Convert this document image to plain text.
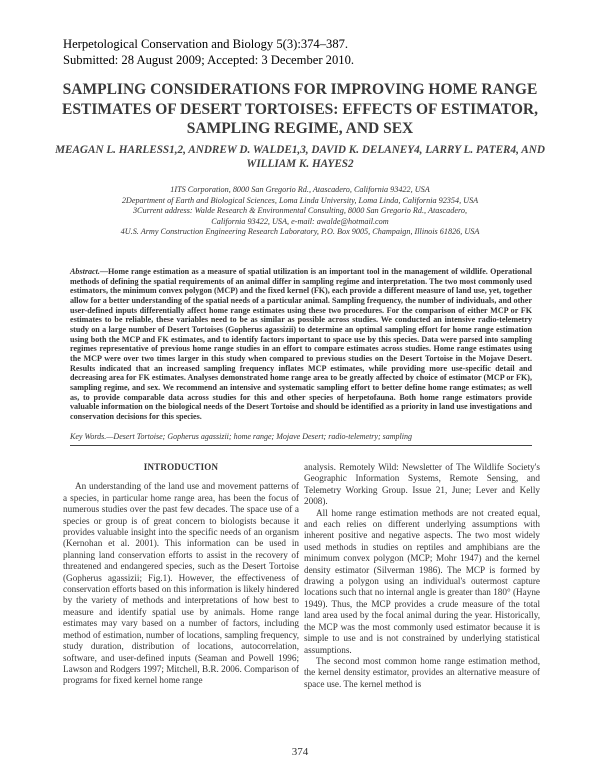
Herpetological Conservation and Biology 5(3):374–387.
Submitted: 28 August 2009; Accepted: 3 December 2010.
SAMPLING CONSIDERATIONS FOR IMPROVING HOME RANGE
ESTIMATES OF DESERT TORTOISES: EFFECTS OF ESTIMATOR,
SAMPLING REGIME, AND SEX
MEAGAN L. HARLESS1,2, ANDREW D. WALDE1,3, DAVID K. DELANEY4, LARRY L. PATER4, AND
WILLIAM K. HAYES2
1ITS Corporation, 8000 San Gregorio Rd., Atascadero, California 93422, USA
2Department of Earth and Biological Sciences, Loma Linda University, Loma Linda, California 92354, USA
3Current address: Walde Research & Environmental Consulting, 8000 San Gregorio Rd., Atascadero,
California 93422, USA, e-mail: awalde@hotmail.com
4U.S. Army Construction Engineering Research Laboratory, P.O. Box 9005, Champaign, Illinois 61826, USA
Abstract.—Home range estimation as a measure of spatial utilization is an important tool in the management of wildlife. Operational methods of defining the spatial requirements of an animal differ in sampling regime and interpretation. The two most commonly used estimators, the minimum convex polygon (MCP) and the fixed kernel (FK), each provide a different measure of land use, yet, together allow for a better understanding of the spatial needs of a particular animal. Sampling frequency, the number of individuals, and other user-defined inputs differentially affect home range estimates using these two procedures. For the comparison of either MCP or FK estimates to be reliable, these variables need to be as similar as possible across studies. We conducted an intensive radio-telemetry study on a large number of Desert Tortoises (Gopherus agassizii) to determine an optimal sampling effort for home range estimation using both the MCP and FK estimates, and to identify factors important to space use by this species. Data were parsed into sampling regimes representative of previous home range studies in an effort to compare estimates across studies. Home range estimates using the MCP were over two times larger in this study when compared to previous studies on the Desert Tortoise in the Mojave Desert. Results indicated that an increased sampling frequency inflates MCP estimates, while providing more use-specific detail and decreasing area for FK estimates. Analyses demonstrated home range area to be greatly affected by choice of estimator (MCP or FK), sampling regime, and sex. We recommend an intensive and systematic sampling effort to better define home range estimates; as well as, to provide comparable data across studies for this and other species of herpetofauna. Both home range estimators provide valuable information on the biological needs of the Desert Tortoise and should be identified as a priority in land use investigations and conservation decisions for this species.
Key Words.—Desert Tortoise; Gopherus agassizii; home range; Mojave Desert; radio-telemetry; sampling
INTRODUCTION

An understanding of the land use and movement patterns of a species, in particular home range area, has been the focus of numerous studies over the past few decades. The space use of a species or group is of great concern to biologists because it provides valuable insight into the specific needs of an organism (Kernohan et al. 2001). This information can be used in planning land conservation efforts to assist in the recovery of threatened and endangered species, such as the Desert Tortoise (Gopherus agassizii; Fig.1). However, the effectiveness of conservation efforts based on this information is likely hindered by the variety of methods and interpretations of how best to measure and identify spatial use by animals. Home range estimates may vary based on a number of factors, including method of estimation, number of locations, sampling frequency, study duration, distribution of locations, autocorrelation, software, and user-defined inputs (Seaman and Powell 1996; Lawson and Rodgers 1997; Mitchell, B.R. 2006. Comparison of programs for fixed kernel home range

analysis. Remotely Wild: Newsletter of The Wildlife Society's Geographic Information Systems, Remote Sensing, and Telemetry Working Group. Issue 21, June; Lever and Kelly 2008).

All home range estimation methods are not created equal, and each relies on different underlying assumptions with inherent positive and negative aspects. The two most widely used methods in studies on reptiles and amphibians are the minimum convex polygon (MCP; Mohr 1947) and the kernel density estimator (Silverman 1986). The MCP is formed by drawing a polygon using an individual's outermost capture locations such that no internal angle is greater than 180° (Hayne 1949). Thus, the MCP provides a crude measure of the total land area used by the focal animal during the year. Historically, the MCP was the most commonly used estimator because it is simple to use and is not constrained by underlying statistical assumptions.

The second most common home range estimation method, the kernel density estimator, provides an alternative measure of space use. The kernel method is

374
